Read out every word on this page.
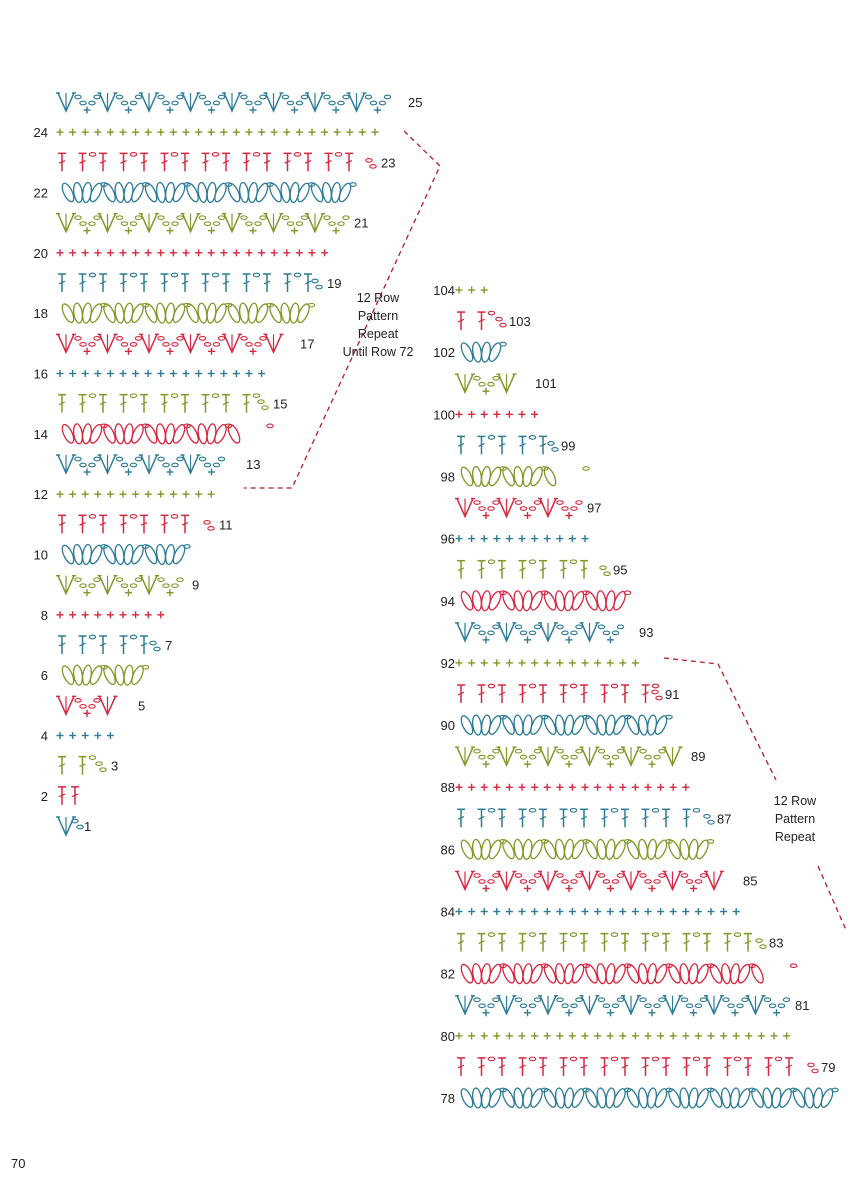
1
2
3
4
5
6
7
8
9
10
11
12
13
14
15
16
17
18
19
20
21
22
23
24
25
78
79
80
81
82
83
84
85
86
87
88
89
90
91
92
93
94
95
96
97
98
99
100
101
102
103
104
12 Row
Pattern
Repeat
Until Row 72
12 Row
Pattern
Repeat
70
